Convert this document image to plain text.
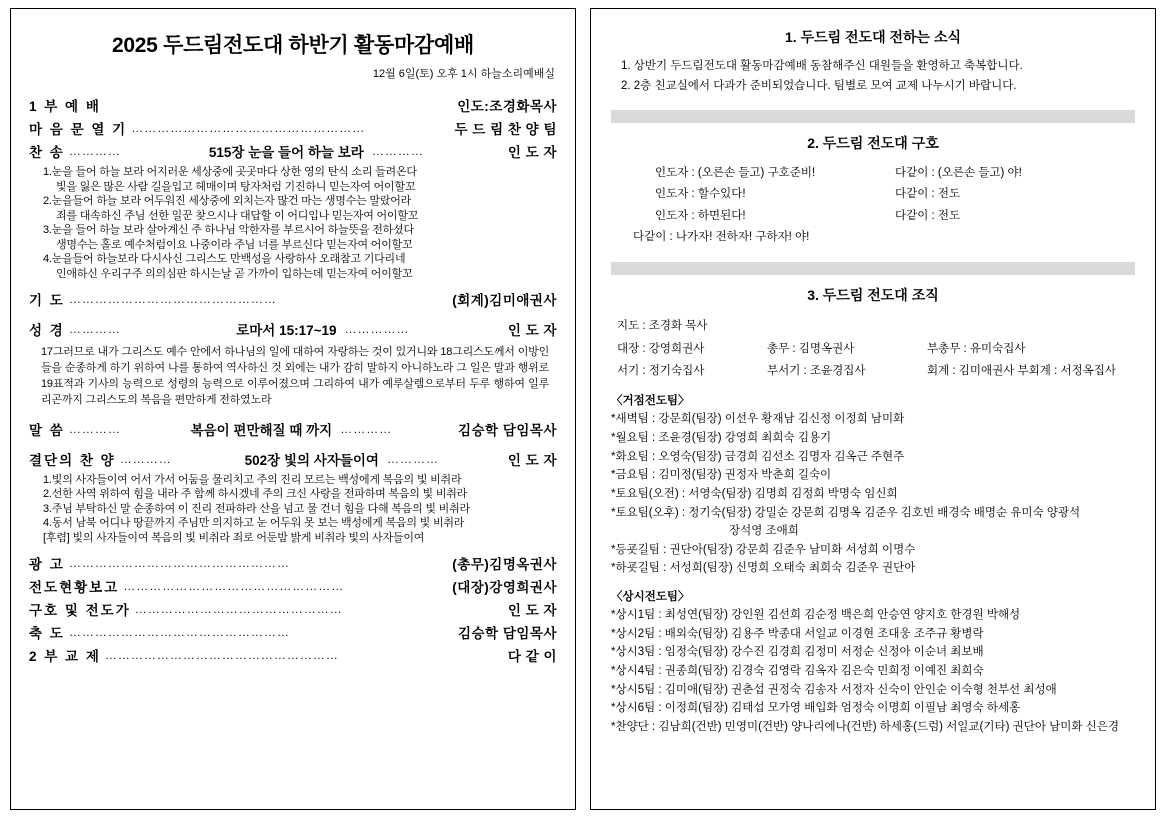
2025 두드림전도대 하반기 활동마감예배
12월 6일(토) 오후 1시 하늘소리예배실
1 부 예 배	인도:조경화목사
마 음 문 열 기 ………………………………………………	두 드 림 찬 양 팀
찬 송 …………	515장 눈을 들어 하늘 보라 …………	인 도 자
1.눈을 들어 하늘 보라 어지러운 세상중에 곳곳마다 상한 영의 탄식 소리 들려온다
빛을 잃은 많은 사람 길을입고 헤매이며 탕자처럼 기진하니 믿는자여 어이할꼬
2.눈을들어 하늘 보라 어두워진 세상중에 외치는자 많건 마는 생명수는 말랐어라
죄를 대속하신 주님 선한 일꾼 찾으시나 대답할 이 어디입나 믿는자여 어이할꼬
3.눈을 들어 하늘 보라 살아계신 주 하나님 악한자를 부르시어 하늘뜻을 전하셨다
생명수는 홀로 예수처럼이요 나중이라 주님 너를 부르신다 믿는자여 어이할꼬
4.눈을들어 하늘보라 다시사신 그리스도 만백성을 사랑하사 오래참고 기다리네
인애하신 우리구주 의의심판 하시는날 곧 가까이 입하는데 믿는자여 어이할꼬
기 도 …………………………………………	(회계)김미애권사
성 경 …………	로마서 15:17~19 ……………	인 도 자
17그러므로 내가 그리스도 예수 안에서 하나님의 일에 대하여 자랑하는 것이 있거니와 18그리스도께서 이방인들을 순종하게 하기 위하여 나를 통하여 역사하신 것 외에는 내가 감히 말하지 아니하노라 그 일은 말과 행위로 19표적과 기사의 능력으로 성령의 능력으로 이루어졌으며 그리하여 내가 예루살렘으로부터 두루 행하여 일루리곤까지 그리스도의 복음을 편만하게 전하였노라
말 씀 …………	복음이 편만해질 때 까지 …………	김승학 담임목사
결단의 찬 양 …………	502장 빛의 사자들이여 …………	인 도 자
1.빛의 사자들이여 어서 가서 어둠을 물리치고 주의 진리 모르는 백성에게 복음의 빛 비취라
2.선한 사역 위하여 힘을 내라 주 함께 하시겠네 주의 크신 사랑을 전파하며 복음의 빛 비취라
3.주님 부탁하신 말 순종하여 이 진리 전파하라 산을 넘고 물 건너 힘을 다해 복음의 빛 비취라
4.동서 남북 어디나 땅끝까지 주님만 의지하고 눈 어두워 못 보는 백성에게 복음의 빛 비취라
[후렴] 빛의 사자들이여 복음의 빛 비취라 죄로 어둔밤 밝게 비취라 빛의 사자들이여
광 고 ……………………………………………	(총무)김명옥권사
전도현황보고 ……………………………………………	(대장)강영희권사
구호 및 전도가 …………………………………………	인 도 자
축 도 ……………………………………………	김승학 담임목사
2 부 교 제 ………………………………………………	다 같 이
1. 두드림 전도대 전하는 소식
1. 상반기 두드림전도대 활동마감예배 동참해주신 대원들을 환영하고 축복합니다.
2. 2층 친교실에서 다과가 준비되었습니다. 팀별로 모여 교제 나누시기 바랍니다.
2. 두드림 전도대 구호
인도자 : (오른손 들고) 구호준비!	다같이 : (오른손 들고) 야!
인도자 : 할수있다!	다같이 : 전도
인도자 : 하면된다!	다같이 : 전도
다같이 : 나가자! 전하자! 구하자! 야!
3. 두드림 전도대 조직
지도 : 조경화 목사
대장 : 강영희권사	총무 : 김명옥권사	부총무 : 유미숙집사
서기 : 정기숙집사	부서기 : 조윤경집사	회계 : 김미애권사 부회계 : 서정옥집사
〈거점전도팀〉
*새벽팀 : 강문희(팀장) 이선우 황재남 김신정 이정희 남미화
*월요팀 : 조윤경(팀장) 강영희 최희숙 김용기
*화요팀 : 오영숙(팀장) 금경희 김선소 김명자 김옥근 주현주
*금요팀 : 김미정(팀장) 권정자 박춘희 길숙이
*토요팀(오전) : 서영숙(팀장) 김명희 김정희 박명숙 임신희
*토요팀(오후) : 정기숙(팀장) 강밀순 강문희 김명옥 김준우 김호빈 배경숙 배명순 유미숙 양광석
장석영 조애희
*등굣길팀 : 권단아(팀장) 강문희 김준우 남미화 서성희 이명수
*하굣길팀 : 서성희(팀장) 신명희 오태숙 최희숙 김준우 권단아
〈상시전도팀〉
*상시1팀 : 최성연(팀장) 강인원 김선희 김순정 백은희 안승연 양지호 한경원 박해성
*상시2팀 : 배외숙(팀장) 김용주 박종대 서일교 이경현 조대웅 조주규 황병락
*상시3팀 : 임정숙(팀장) 강수진 김경희 김정미 서정순 신정아 이순녀 최보배
*상시4팀 : 권종희(팀장) 김경숙 김영락 김옥자 김은숙 민희정 이예진 최희숙
*상시5팀 : 김미애(팀장) 권춘섭 권정숙 김송자 서정자 신숙이 안인순 이숙형 천부선 최성애
*상시6팀 : 이정희(팀장) 김태섭 모가영 배입화 엄정숙 이명희 이필남 최영숙 하세홍
*찬양단 : 김남희(건반) 민영미(건반) 양나리에나(건반) 하세홍(드럼) 서일교(기타) 권단아 남미화 신은경
